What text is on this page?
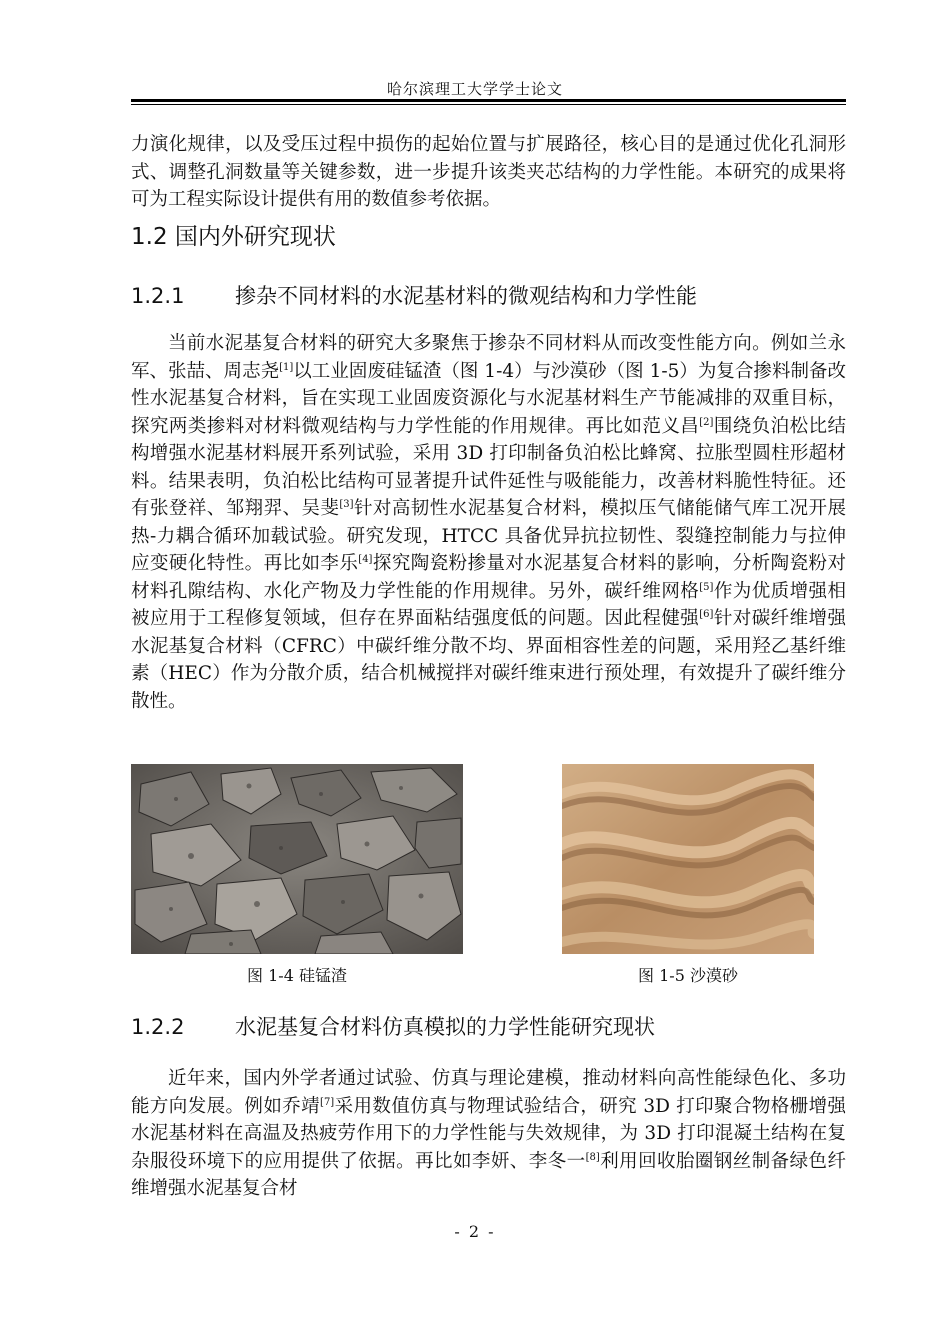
哈尔滨理工大学学士论文

力演化规律，以及受压过程中损伤的起始位置与扩展路径，核心目的是通过优化孔洞形式、调整孔洞数量等关键参数，进一步提升该类夹芯结构的力学性能。本研究的成果将可为工程实际设计提供有用的数值参考依据。

1.2 国内外研究现状
1.2.1 掺杂不同材料的水泥基材料的微观结构和力学性能

当前水泥基复合材料的研究大多聚焦于掺杂不同材料从而改变性能方向。例如兰永军、张喆、周志尧[1]以工业固废硅锰渣（图 1-4）与沙漠砂（图 1-5）为复合掺料制备改性水泥基复合材料，旨在实现工业固废资源化与水泥基材料生产节能减排的双重目标，探究两类掺料对材料微观结构与力学性能的作用规律。再比如范义昌[2]围绕负泊松比结构增强水泥基材料展开系列试验，采用 3D 打印制备负泊松比蜂窝、拉胀型圆柱形超材料。结果表明，负泊松比结构可显著提升试件延性与吸能能力，改善材料脆性特征。还有张登祥、邹翔羿、吴斐[3]针对高韧性水泥基复合材料，模拟压气储能储气库工况开展热-力耦合循环加载试验。研究发现，HTCC 具备优异抗拉韧性、裂缝控制能力与拉伸应变硬化特性。再比如李乐[4]探究陶瓷粉掺量对水泥基复合材料的影响，分析陶瓷粉对材料孔隙结构、水化产物及力学性能的作用规律。另外，碳纤维网格[5]作为优质增强相被应用于工程修复领域，但存在界面粘结强度低的问题。因此程健强[6]针对碳纤维增强水泥基复合材料（CFRC）中碳纤维分散不均、界面相容性差的问题，采用羟乙基纤维素（HEC）作为分散介质，结合机械搅拌对碳纤维束进行预处理，有效提升了碳纤维分散性。

图 1-4 硅锰渣	图 1-5 沙漠砂
1.2.2 水泥基复合材料仿真模拟的力学性能研究现状

近年来，国内外学者通过试验、仿真与理论建模，推动材料向高性能绿色化、多功能方向发展。例如乔靖[7]采用数值仿真与物理试验结合，研究 3D 打印聚合物格栅增强水泥基材料在高温及热疲劳作用下的力学性能与失效规律，为 3D 打印混凝土结构在复杂服役环境下的应用提供了依据。再比如李妍、李冬一[8]利用回收胎圈钢丝制备绿色纤维增强水泥基复合材

- 2 -
